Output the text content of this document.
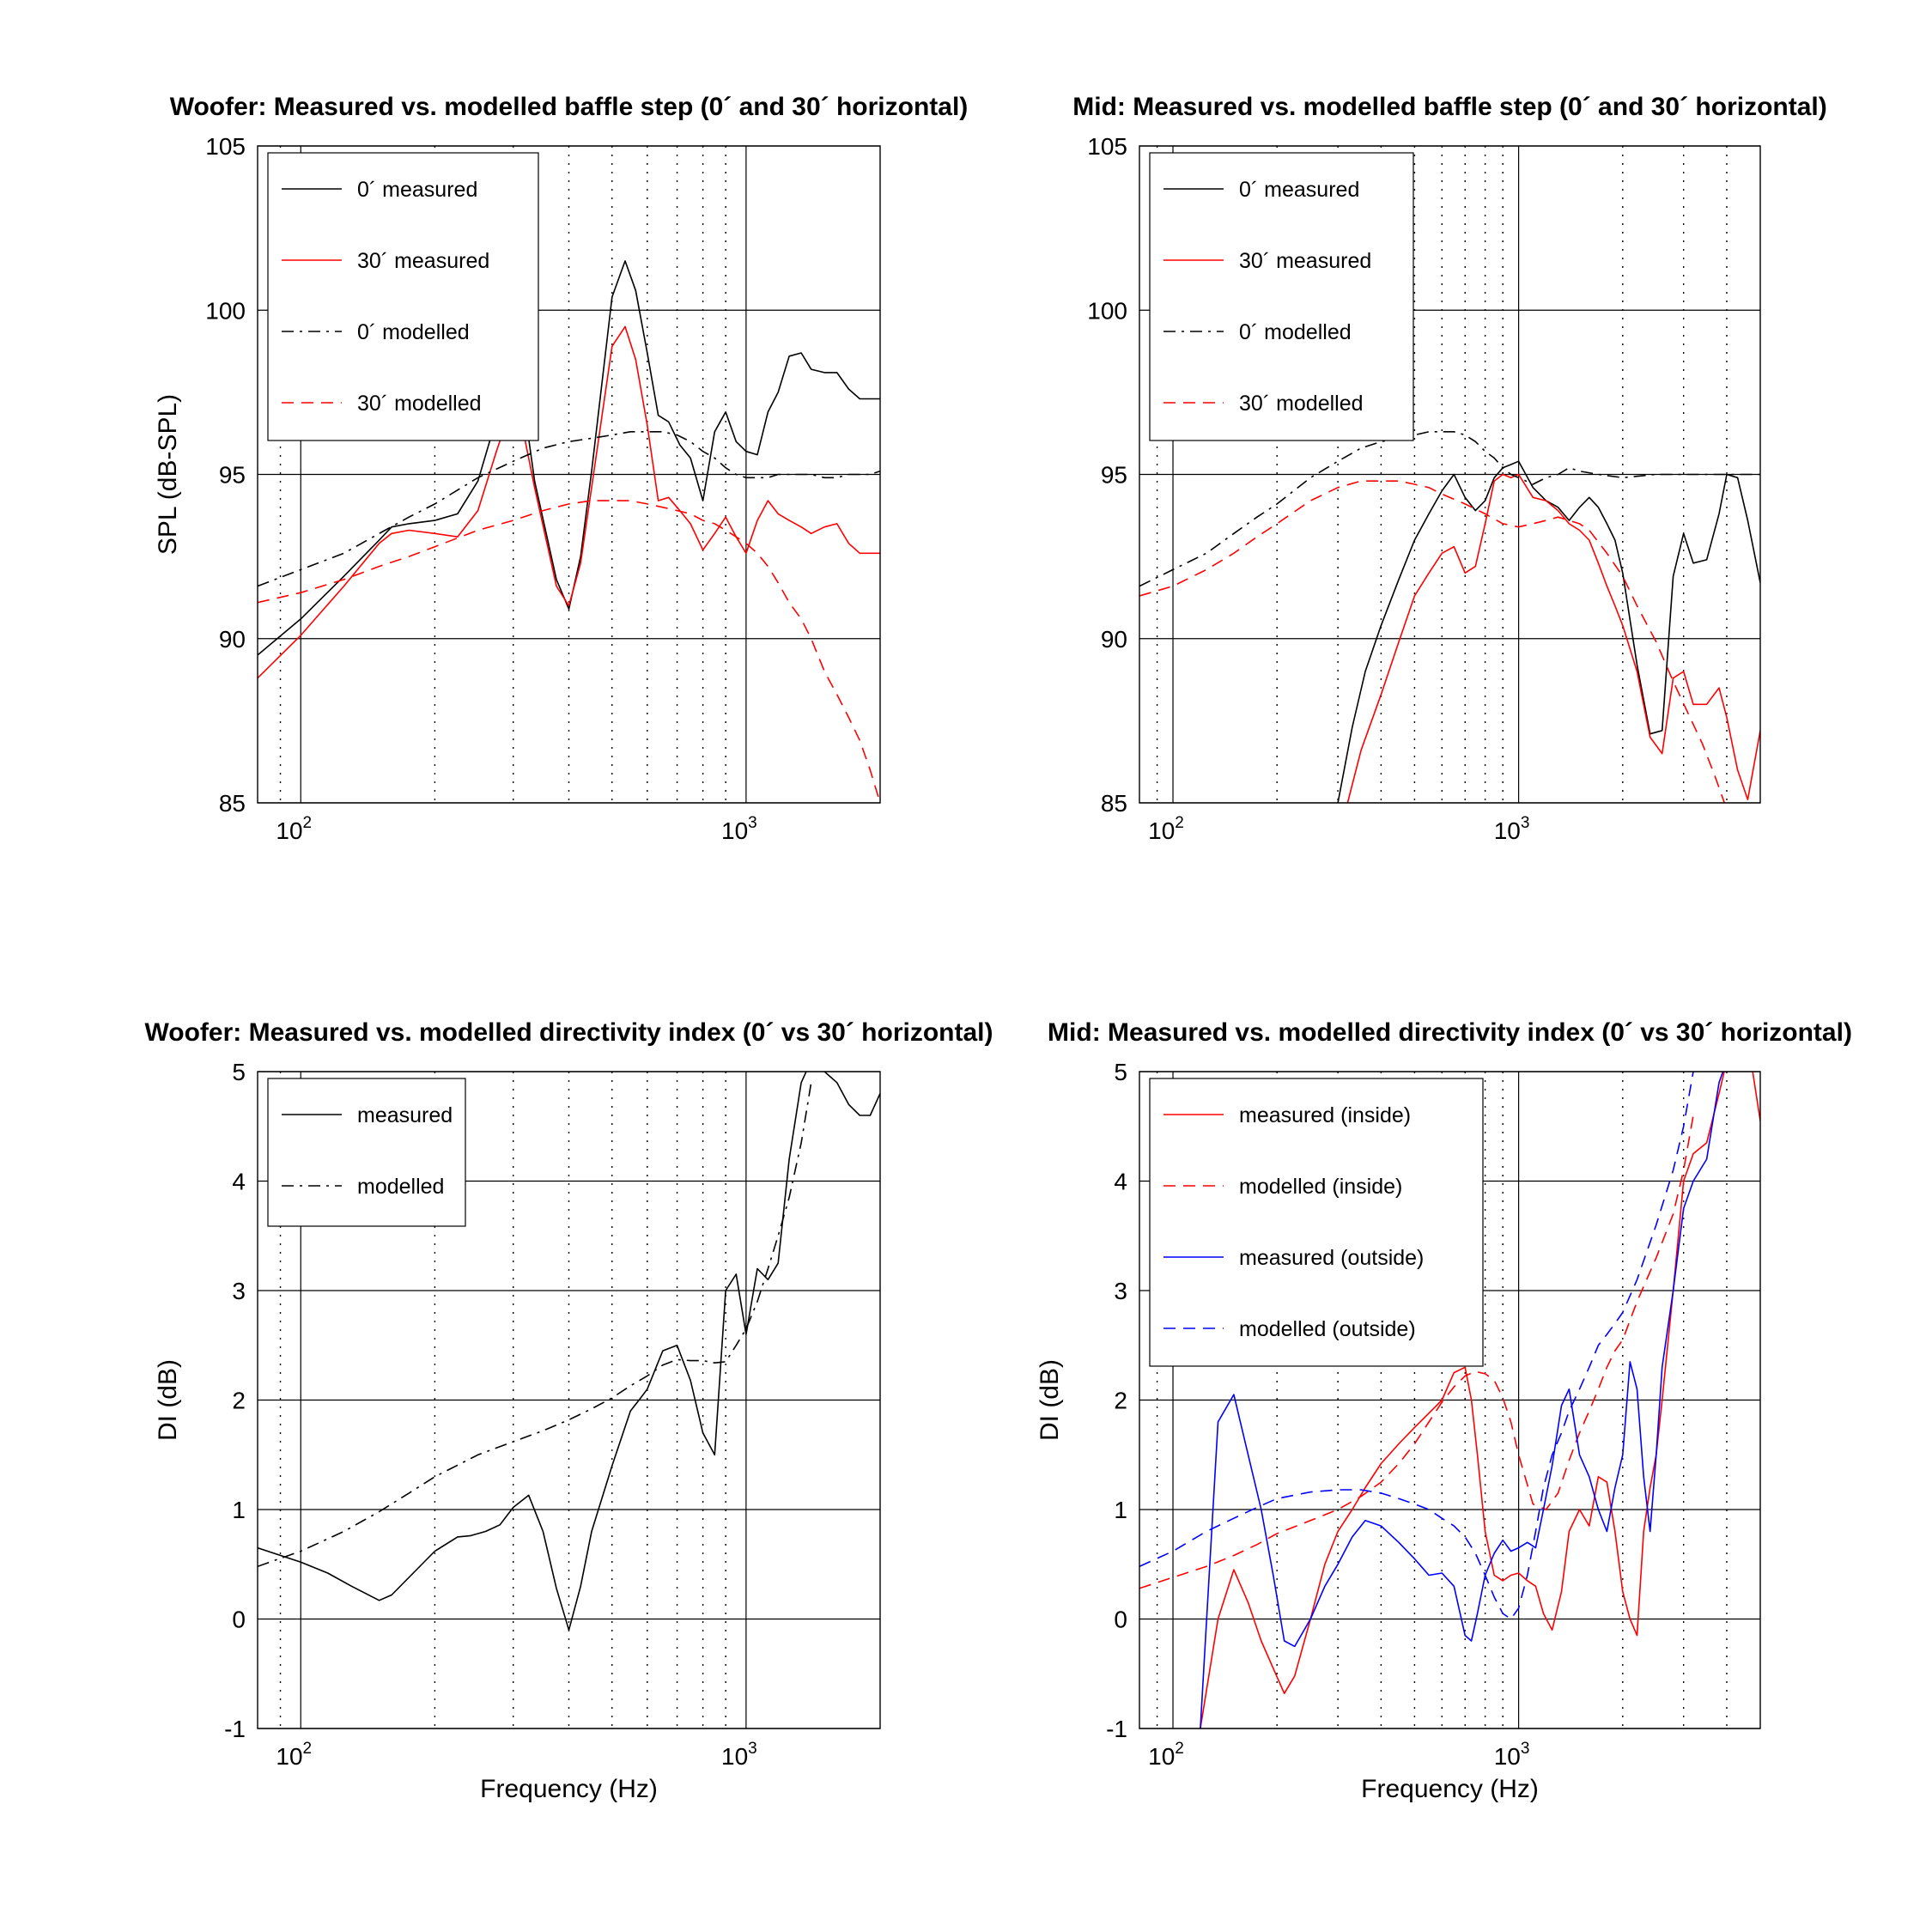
85
90
95
100
105
$10^2$	$10^3$
0´ measured
30´ measured
0´ modelled
30´ modelled
Woofer: Measured vs. modelled baffle step (0´ and 30´ horizontal)
SPL (dB-SPL)
85
90
95
100
105
$10^2$	$10^3$
0´ measured
30´ measured
0´ modelled
30´ modelled
Mid: Measured vs. modelled baffle step (0´ and 30´ horizontal)
-1
0
1
2
3
4
5
$10^2$	$10^3$
measured
modelled
Woofer: Measured vs. modelled directivity index (0´ vs 30´ horizontal)
DI (dB)
Frequency (Hz)
-1
0
1
2
3
4
5
$10^2$	$10^3$
measured (inside)
modelled (inside)
measured (outside)
modelled (outside)
Mid: Measured vs. modelled directivity index (0´ vs 30´ horizontal)
DI (dB)
Frequency (Hz)
